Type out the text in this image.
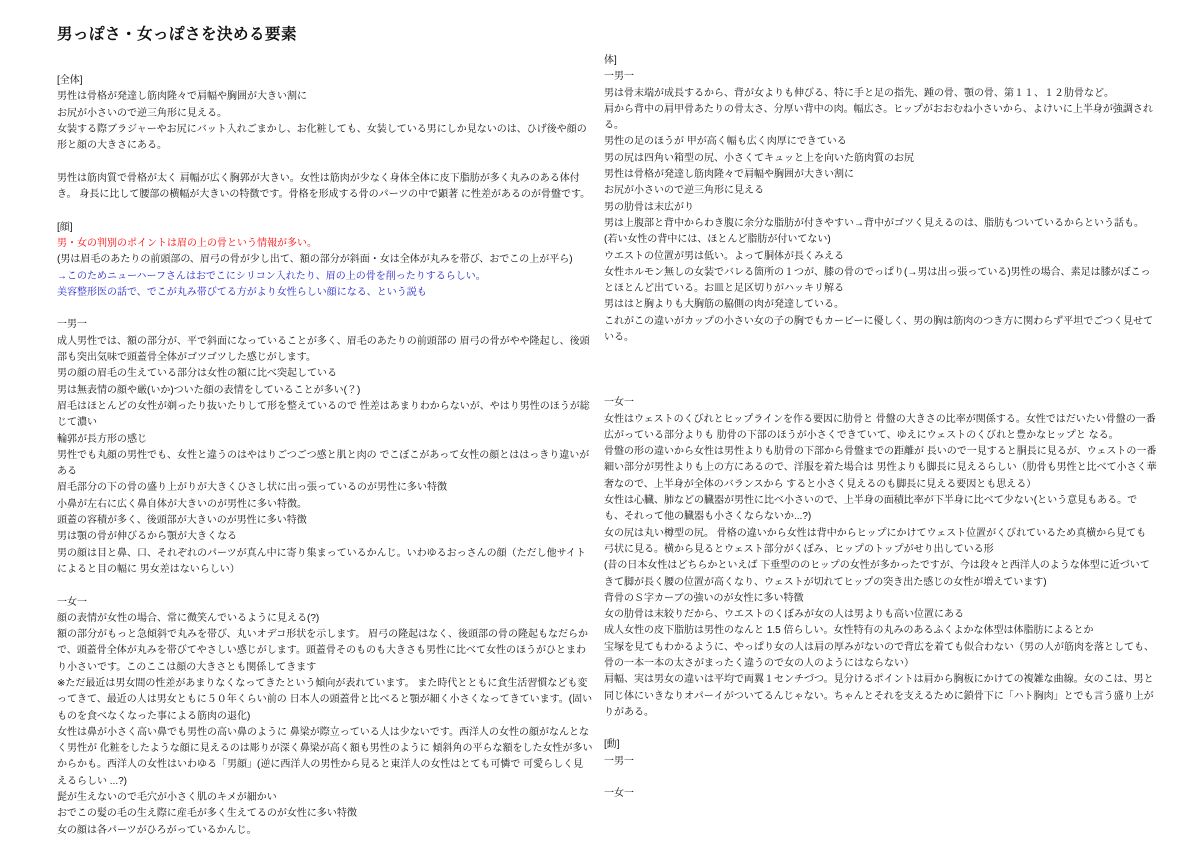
男っぽさ・女っぽさを決める要素
[全体]
男性は骨格が発達し筋肉隆々で肩幅や胸囲が大きい割に
お尻が小さいので逆三角形に見える。
女装する際ブラジャーやお尻にバット入れごまかし、お化粧しても、女装している男にしか見ないのは、ひげ後や顔の形と顔の大きさにある。

男性は筋肉質で骨格が太く 肩幅が広く胸郭が大きい。女性は筋肉が少なく身体全体に皮下脂肪が多く丸みのある体付き。 身長に比して腰部の横幅が大きいの特徴です。骨格を形成する骨のパーツの中で顕著 に性差があるのが骨盤です。

[顔]
男・女の判別のポイントは眉の上の骨という情報が多い。
(男は眉毛のあたりの前頭部の、眉弓の骨が少し出て、額の部分が斜面・女は全体が丸みを帯び、おでこの上が平ら)
→このためニューハーフさんはおでこにシリコン入れたり、眉の上の骨を削ったりするらしい。
美容整形医の話で、でこが丸み帯びてる方がより女性らしい顔になる、という説も

一男一
成人男性では、額の部分が、平で斜面になっていることが多く、眉毛のあたりの前頭部の 眉弓の骨がやや隆起し、後頭部も突出気味で頭蓋骨全体がゴツゴツした感じがします。
男の顔の眉毛の生えている部分は女性の額に比べ突起している
男は無表情の顔や厳(いか)ついた顔の表情をしていることが多い(？)
眉毛はほとんどの女性が剃ったり抜いたりして形を整えているので 性差はあまりわからないが、やはり男性のほうが総じて濃い
輪郭が長方形の感じ
男性でも丸顔の男性でも、女性と違うのはやはりごつごつ感と肌と肉の でこぼこがあって女性の顔とははっきり違いがある
眉毛部分の下の骨の盛り上がりが大きくひさし状に出っ張っているのが男性に多い特徴
小鼻が左右に広く鼻自体が大きいのが男性に多い特徴。
頭蓋の容積が多く、後頭部が大きいのが男性に多い特徴
男は顎の骨が伸びるから顎が大きくなる
男の顔は目と鼻、口、それぞれのパーツが真ん中に寄り集まっているかんじ。いわゆるおっさんの顔（ただし他サイトによると目の幅に 男女差はないらしい）

一女一
顔の表情が女性の場合、常に微笑んでいるように見える(?)
額の部分がもっと急傾斜で丸みを帯び、丸いオデコ形状を示します。 眉弓の隆起はなく、後頭部の骨の隆起もなだらかで、頭蓋骨全体が丸みを帯びてやさしい感じがします。頭蓋骨そのものも大きさも男性に比べて女性のほうがひとまわり小さいです。このここは顔の大きさとも関係してきます
※ただ最近は男女間の性差があまりなくなってきたという傾向が表れています。 また時代とともに食生活習慣なども変ってきて、最近の人は男女ともに５０年くらい前の 日本人の頭蓋骨と比べると顎が細く小さくなってきています。(固いものを食べなくなった事による筋肉の退化)
女性は鼻が小さく高い鼻でも男性の高い鼻のように 鼻梁が際立っている人は少ないです。西洋人の女性の顔がなんとなく男性が 化粧をしたような顔に見えるのは彫りが深く鼻梁が高く額も男性のように 傾斜角の平らな額をした女性が多いからかも。西洋人の女性はいわゆる「男顔」(逆に西洋人の男性から見ると東洋人の女性はとても可憐で 可愛らしく見えるらしい ...?)
髭が生えないので毛穴が小さく肌のキメが細かい
おでこの髪の毛の生え際に産毛が多く生えてるのが女性に多い特徴
女の顔は各パーツがひろがっているかんじ。
体]
一男一
男は骨末端が成長するから、背が女よりも伸びる、特に手と足の指先、踵の骨、顎の骨、第１１、１２肋骨など。
肩から背中の肩甲骨あたりの骨太さ、分厚い背中の肉。幅広さ。ヒップがおおむね小さいから、よけいに上半身が強調される。
男性の足のほうが 甲が高く幅も広く肉厚にできている
男の尻は四角い箱型の尻、小さくてキュッと上を向いた筋肉質のお尻
男性は骨格が発達し筋肉隆々で肩幅や胸囲が大きい割に
お尻が小さいので逆三角形に見える
男の肋骨は末広がり
男は上腹部と背中からわき腹に余分な脂肪が付きやすい→背中がゴツく見えるのは、脂肪もついているからという話も。(若い女性の背中には、ほとんど脂肪が付いてない)
ウエストの位置が男は低い。よって胴体が長くみえる
女性ホルモン無しの女装でバレる箇所の１つが、膝の骨のでっぱり(→男は出っ張っている)男性の場合、素足は膝がぼこっとほとんど出ている。お皿と足区切りがハッキリ解る
男ははと胸よりも大胸筋の脇側の肉が発達している。
これがこの違いがカップの小さい女の子の胸でもカービーに優しく、男の胸は筋肉のつき方に関わらず平坦でごつく見せている。

一女一
女性はウェストのくびれとヒップラインを作る要因に肋骨と 骨盤の大きさの比率が関係する。女性ではだいたい骨盤の一番広がっている部分よりも 肋骨の下部のほうが小さくできていて、ゆえにウェストのくびれと豊かなヒップと なる。
骨盤の形の違いから女性は男性よりも肋骨の下部から骨盤までの距離が 長いので一見すると胴長に見るが、ウェストの一番細い部分が男性よりも上の方にあるので、洋服を着た場合は 男性よりも脚長に見えるらしい（肋骨も男性と比べて小さく華奢なので、上半身が全体のバランスから すると小さく見えるのも脚長に見える要因とも思える）
女性は心臓、肺などの臓器が男性に比べ小さいので、上半身の面積比率が下半身に比べて少ない(という意見もある。でも、それって他の臓器も小さくならないか...?)
女の尻は丸い樽型の尻。 骨格の違いから女性は背中からヒップにかけてウェスト位置がくびれているため真横から見ても 弓状に見る。横から見るとウェスト部分がくぼみ、ヒップのトップがせり出している形
(昔の日本女性はどちらかといえば 下垂型ののヒップの女性が多かったですが、今は段々と西洋人のような体型に近づいてきて脚が長く腰の位置が高くなり、ウェストが切れてヒップの突き出た感じの女性が増えています)
背骨のＳ字カーブの強いのが女性に多い特徴
女の肋骨は末絞りだから、ウエストのくぼみが女の人は男よりも高い位置にある
成人女性の皮下脂肪は男性のなんと 1.5 倍らしい。女性特有の丸みのあるふくよかな体型は体脂肪によるとか
宝塚を見てもわかるように、やっぱり女の人は肩の厚みがないので背広を着ても似合わない（男の人が筋肉を落としても、骨の一本一本の太さがまったく違うので女の人のようにはならない）
肩幅、実は男女の違いは平均で両翼１センチづつ。見分けるポイントは肩から胸板にかけての複雑な曲線。女のこは、男と同じ体にいきなりオパーイがついてるんじゃない。ちゃんとそれを支えるために鎖骨下に「ハト胸肉」とでも言う盛り上がりがある。

[動]
一男一

一女一
